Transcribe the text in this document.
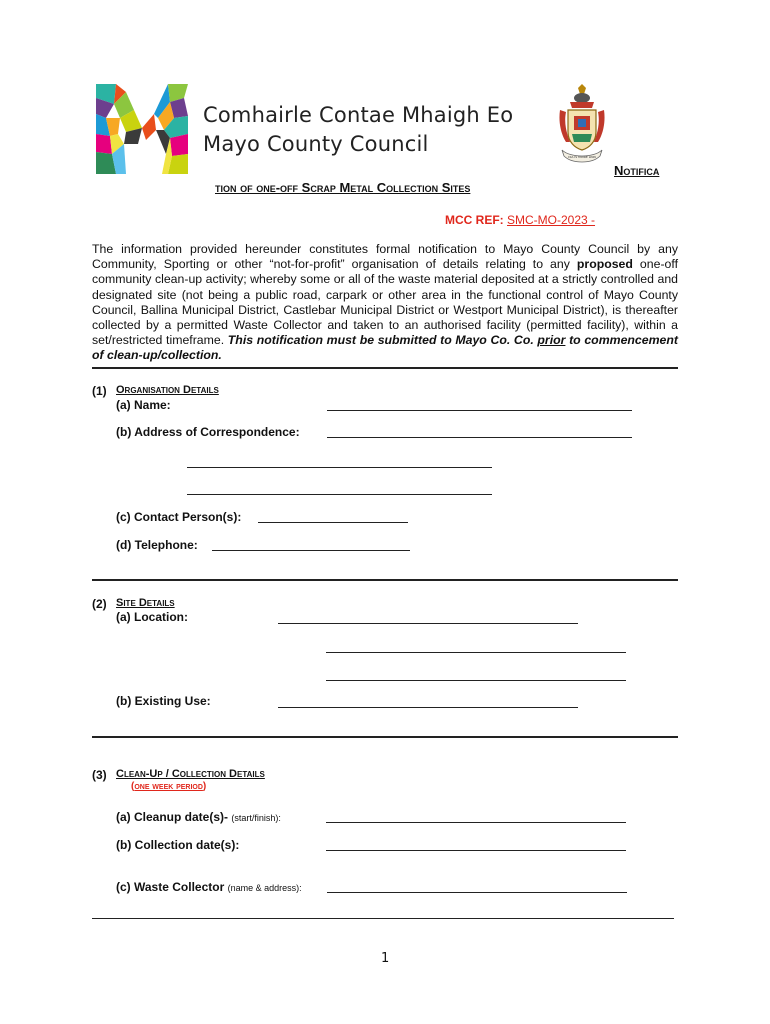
Comhairle Contae Mhaigh Eo
Mayo County Council
DIA IS MUIRE LINN
Notifica
tion of one-off Scrap Metal Collection Sites
MCC REF: SMC-MO-2023 -
The information provided hereunder constitutes formal notification to Mayo County Council by any Community, Sporting or other “not-for-profit” organisation of details relating to any proposed one-off community clean-up activity; whereby some or all of the waste material deposited at a strictly controlled and designated site (not being a public road, carpark or other area in the functional control of Mayo County Council, Ballina Municipal District, Castlebar Municipal District or Westport Municipal District), is thereafter collected by a permitted Waste Collector and taken to an authorised facility (permitted facility), within a set/restricted timeframe. This notification must be submitted to Mayo Co. Co. prior to commencement of clean-up/collection.
(1) Organisation Details
(a) Name:
(b) Address of Correspondence:
(c) Contact Person(s):
(d) Telephone:
(2) Site Details
(a) Location:
(b) Existing Use:
(3) Clean-Up / Collection Details
(one week period)
(a) Cleanup date(s)- (start/finish):
(b) Collection date(s):
(c) Waste Collector (name & address):
1
